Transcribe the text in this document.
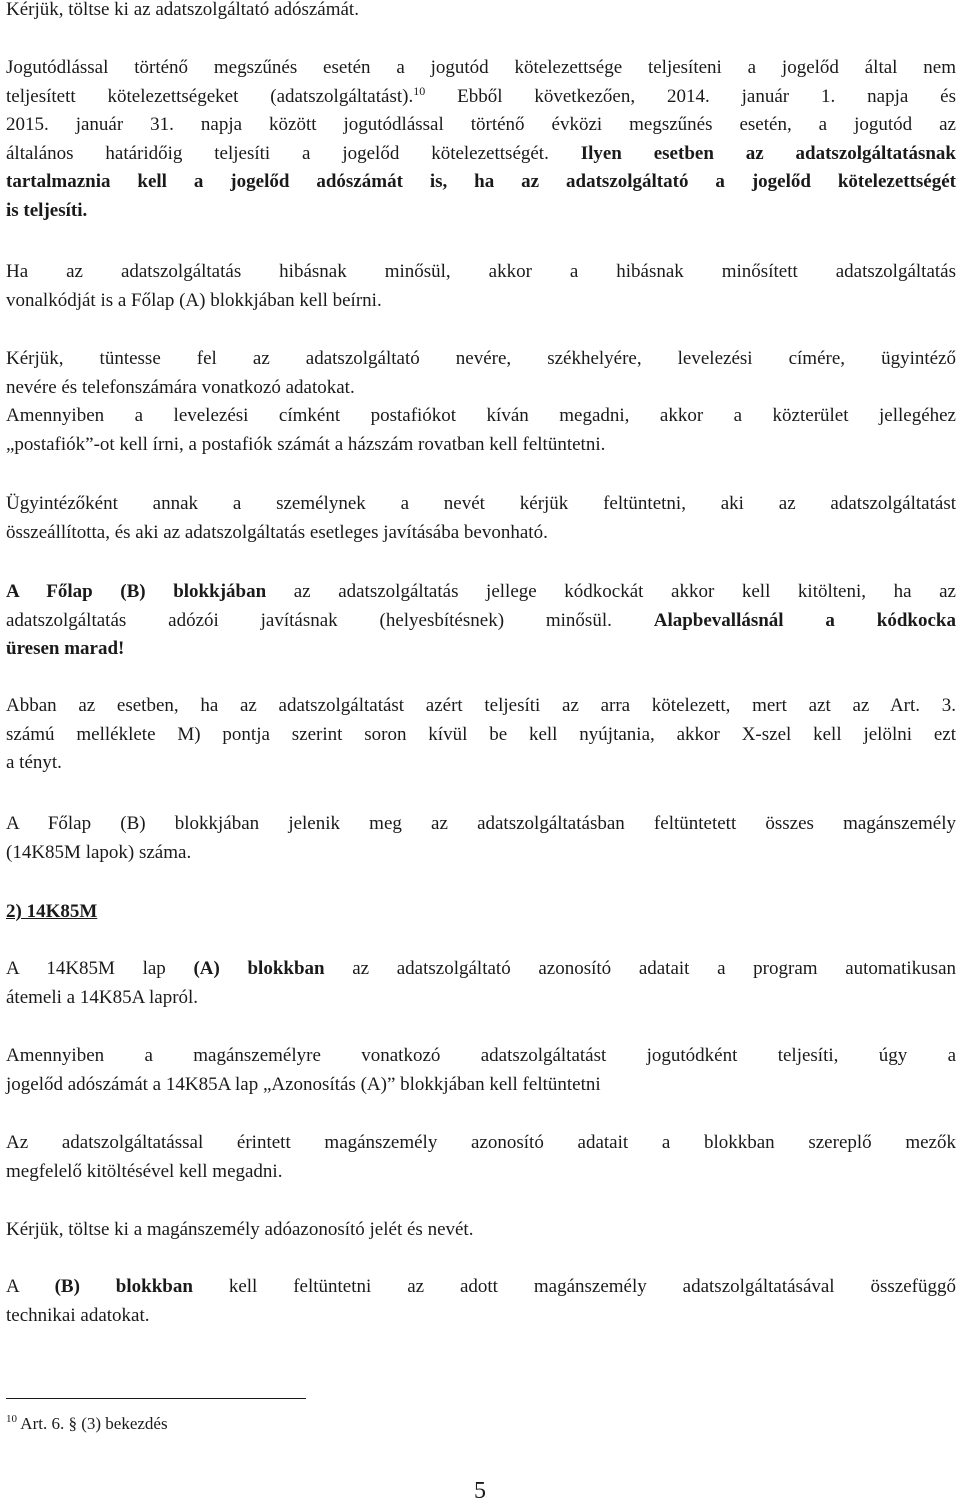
Kérjük, töltse ki az adatszolgáltató adószámát.

Jogutódlással történő megszűnés esetén a jogutód kötelezettsége teljesíteni a jogelőd által nem
teljesített kötelezettségeket (adatszolgáltatást).$^{10}$ Ebből következően, 2014. január 1. napja és
2015. január 31. napja között jogutódlással történő évközi megszűnés esetén, a jogutód az
általános határidőig teljesíti a jogelőd kötelezettségét. Ilyen esetben az adatszolgáltatásnak
tartalmaznia kell a jogelőd adószámát is, ha az adatszolgáltató a jogelőd kötelezettségét
is teljesíti.

Ha az adatszolgáltatás hibásnak minősül, akkor a hibásnak minősített adatszolgáltatás
vonalkódját is a Főlap (A) blokkjában kell beírni.

Kérjük, tüntesse fel az adatszolgáltató nevére, székhelyére, levelezési címére, ügyintéző
nevére és telefonszámára vonatkozó adatokat.
Amennyiben a levelezési címként postafiókot kíván megadni, akkor a közterület jellegéhez
„postafiók”-ot kell írni, a postafiók számát a házszám rovatban kell feltüntetni.

Ügyintézőként annak a személynek a nevét kérjük feltüntetni, aki az adatszolgáltatást
összeállította, és aki az adatszolgáltatás esetleges javításába bevonható.

A Főlap (B) blokkjában az adatszolgáltatás jellege kódkockát akkor kell kitölteni, ha az
adatszolgáltatás adózói javításnak (helyesbítésnek) minősül. Alapbevallásnál a kódkocka
üresen marad!

Abban az esetben, ha az adatszolgáltatást azért teljesíti az arra kötelezett, mert azt az Art. 3.
számú melléklete M) pontja szerint soron kívül be kell nyújtania, akkor X-szel kell jelölni ezt
a tényt.

A Főlap (B) blokkjában jelenik meg az adatszolgáltatásban feltüntetett összes magánszemély
(14K85M lapok) száma.

2) 14K85M

A 14K85M lap (A) blokkban az adatszolgáltató azonosító adatait a program automatikusan
átemeli a 14K85A lapról.

Amennyiben a magánszemélyre vonatkozó adatszolgáltatást jogutódként teljesíti, úgy a
jogelőd adószámát a 14K85A lap „Azonosítás (A)” blokkjában kell feltüntetni

Az adatszolgáltatással érintett magánszemély azonosító adatait a blokkban szereplő mezők
megfelelő kitöltésével kell megadni.

Kérjük, töltse ki a magánszemély adóazonosító jelét és nevét.

A (B) blokkban kell feltüntetni az adott magánszemély adatszolgáltatásával összefüggő
technikai adatokat.

$^{10}$ Art. 6. § (3) bekezdés
5
